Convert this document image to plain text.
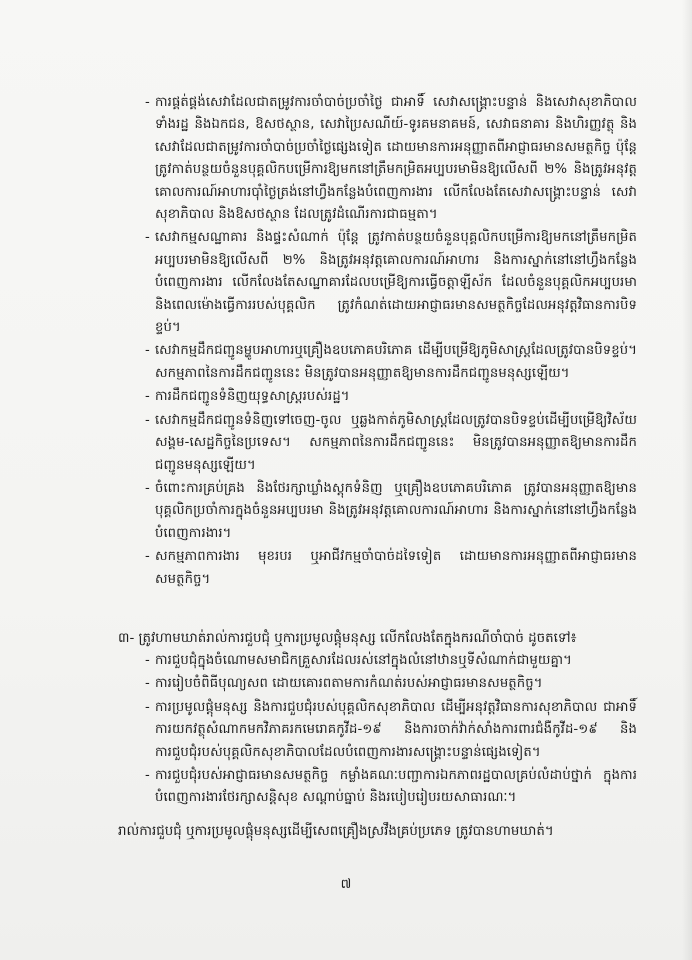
- ការផ្គត់ផ្គង់សេវាដែលជាតម្រូវការចាំបាច់ប្រចាំថ្ងៃ ជាអាទិ៍ សេវាសង្គ្រោះបន្ទាន់ និងសេវាសុខាភិបាល ទាំងរដ្ឋ និងឯកជន, ឱសថស្ថាន, សេវាប្រៃសណីយ៍-ទូរគមនាគមន៍, សេវាធនាគារ និងហិរញ្ញវត្ថុ និងសេវាដែលជាតម្រូវការចាំបាច់ប្រចាំថ្ងៃផ្សេងទៀត ដោយមានការអនុញ្ញាតពីអាជ្ញាធរមានសមត្ថកិច្ច ប៉ុន្តែ ត្រូវកាត់បន្ថយចំនួនបុគ្គលិកបម្រើការឱ្យមកនៅត្រឹមកម្រិតអប្បបរមាមិនឱ្យលើសពី ២% និងត្រូវអនុវត្តគោលការណ៍អាហារប៉ាំថ្ងៃត្រង់នៅហ្វឹងកន្លែងបំពេញការងារ លើកលែងតែសេវាសង្គ្រោះបន្ទាន់ សេវាសុខាភិបាល និងឱសថស្ថាន ដែលត្រូវដំណើរការជាធម្មតា។
- សេវាកម្មសណ្ឋាគារ និងផ្ទះសំណាក់ ប៉ុន្តែ ត្រូវកាត់បន្ថយចំនួនបុគ្គលិកបម្រើការឱ្យមកនៅត្រឹមកម្រិតអប្បបរមាមិនឱ្យលើសពី ២% និងត្រូវអនុវត្តគោលការណ៍អាហារ និងការស្នាក់នៅនៅហ្វឹងកន្លែងបំពេញការងារ លើកលែងតែសណ្ឋាគារដែលបម្រើឱ្យការធ្វើចត្តាឡីស័ក ដែលចំនួនបុគ្គលិកអប្បបរមា និងពេលម៉ោងធ្វើការរបស់បុគ្គលិក ត្រូវកំណត់ដោយអាជ្ញាធរមានសមត្ថកិច្ចដែលអនុវត្តវិធានការបិទខ្ទប់។
- សេវាកម្មដឹកជញ្ជូនម្ហូបអាហារឬគ្រឿងឧបភោគបរិភោគ ដើម្បីបម្រើឱ្យភូមិសាស្ត្រដែលត្រូវបានបិទខ្ទប់។ សកម្មភាពនៃការដឹកជញ្ជូននេះ មិនត្រូវបានអនុញ្ញាតឱ្យមានការដឹកជញ្ជូនមនុស្សឡើយ។
- ការដឹកជញ្ជូនទំនិញយុទ្ធសាស្ត្ររបស់រដ្ឋ។
- សេវាកម្មដឹកជញ្ជូនទំនិញទៅចេញ-ចូល ឬឆ្លងកាត់ភូមិសាស្ត្រដែលត្រូវបានបិទខ្ទប់ដើម្បីបម្រើឱ្យវិស័យសង្គម-សេដ្ឋកិច្ចនៃប្រទេស។ សកម្មភាពនៃការដឹកជញ្ជូននេះ មិនត្រូវបានអនុញ្ញាតឱ្យមានការដឹកជញ្ជូនមនុស្សឡើយ។
- ចំពោះការគ្រប់គ្រង និងថែរក្សាឃ្លាំងស្តុកទំនិញ ឬគ្រឿងឧបភោគបរិភោគ ត្រូវបានអនុញ្ញាតឱ្យមានបុគ្គលិកប្រចាំការក្នុងចំនួនអប្បបរមា និងត្រូវអនុវត្តគោលការណ៍អាហារ និងការស្នាក់នៅនៅហ្វឹងកន្លែងបំពេញការងារ។
- សកម្មភាពការងារ មុខរបរ ឬអាជីវកម្មចាំបាច់ដទៃទៀត ដោយមានការអនុញ្ញាតពីអាជ្ញាធរមានសមត្ថកិច្ច។
៣- ត្រូវហាមឃាត់រាល់ការជួបជុំ ឬការប្រមូលផ្តុំមនុស្ស លើកលែងតែក្នុងករណីចាំបាច់ ដូចតទៅ៖
- ការជួបជុំក្នុងចំណោមសមាជិកគ្រួសារដែលរស់នៅក្នុងលំនៅឋានឬទីសំណាក់ជាមួយគ្នា។
- ការរៀបចំពិធីបុណ្យសព ដោយគោរពតាមការកំណត់របស់អាជ្ញាធរមានសមត្ថកិច្ច។
- ការប្រមូលផ្តុំមនុស្ស និងការជួបជុំរបស់បុគ្គលិកសុខាភិបាល ដើម្បីអនុវត្តវិធានការសុខាភិបាល ជាអាទិ៍ ការយកវត្ថុសំណាកមកវិភាគរកមេរោគកូវីដ-១៩ និងការចាក់វ៉ាក់សាំងការពារជំងឺកូវីដ-១៩ និងការជួបជុំរបស់បុគ្គលិកសុខាភិបាលដែលបំពេញការងារសង្គ្រោះបន្ទាន់ផ្សេងទៀត។
- ការជួបជុំរបស់អាជ្ញាធរមានសមត្ថកិច្ច កម្លាំងគណៈបញ្ជាការឯកភាពរដ្ឋបាលគ្រប់លំដាប់ថ្នាក់ ក្នុងការបំពេញការងារថែរក្សាសន្តិសុខ សណ្តាប់ធ្នាប់ និងរបៀបរៀបរយសាធារណៈ។
រាល់ការជួបជុំ ឬការប្រមូលផ្តុំមនុស្សដើម្បីសេពគ្រឿងស្រវឹងគ្រប់ប្រភេទ ត្រូវបានហាមឃាត់។
៧
